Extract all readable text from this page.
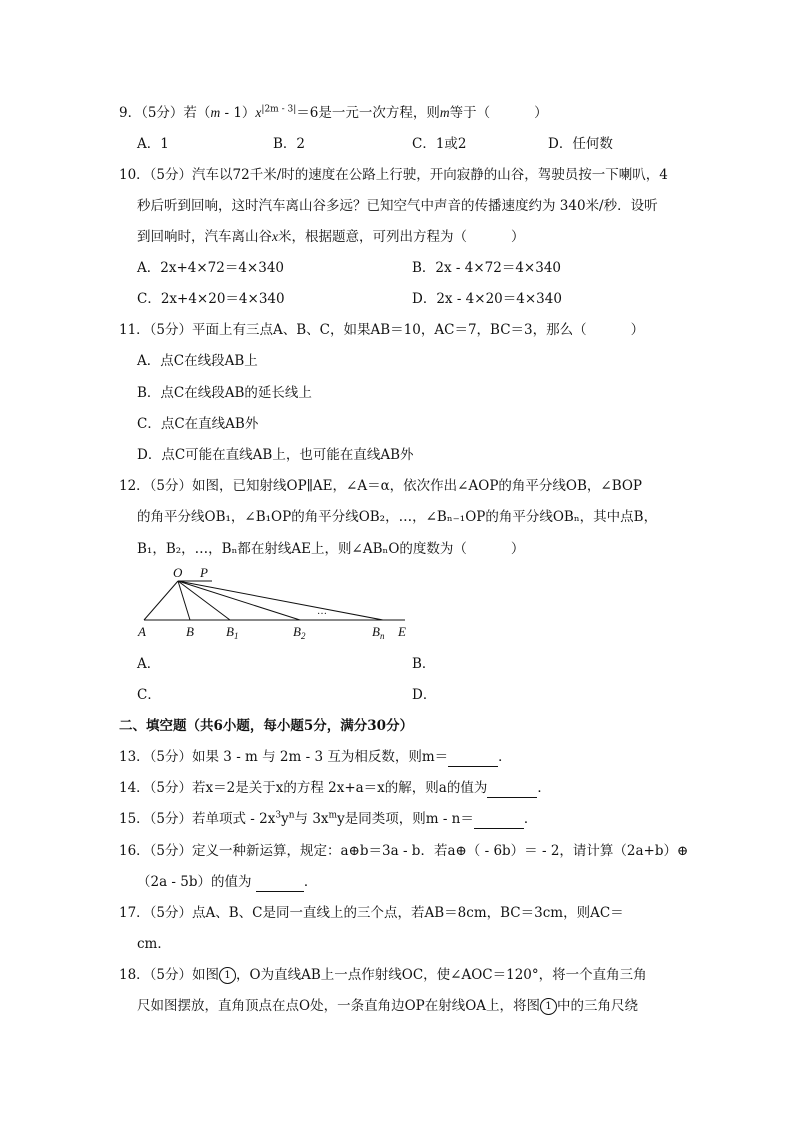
9．（5分）若$(m - 1)x^{|2m - 3|}=6$是一元一次方程，则m等于（	）
A．1	B．2	C．1或2	D．任何数
10．（5分）汽车以72千米/时的速度在公路上行驶，开向寂静的山谷，驾驶员按一下喇叭，4
秒后听到回响，这时汽车离山谷多远？已知空气中声音的传播速度约为 340米/秒．设听
到回响时，汽车离山谷x米，根据题意，可列出方程为（	）
A．2x+4×72＝4×340	B．2x - 4×72＝4×340
C．2x+4×20＝4×340	D．2x - 4×20＝4×340
11．（5分）平面上有三点A、B、C，如果AB＝10，AC＝7，BC＝3，那么（	）
A．点C在线段AB上
B．点C在线段AB的延长线上
C．点C在直线AB外
D．点C可能在直线AB上，也可能在直线AB外
12．（5分）如图，已知射线OP∥AE，∠A＝α，依次作出∠AOP的角平分线OB，∠BOP
的角平分线OB₁，∠B₁OP的角平分线OB₂，…，∠Bₙ₋₁OP的角平分线OBₙ，其中点B，
B₁，B₂，…，Bₙ都在射线AE上，则∠ABₙO的度数为（	）
O P
…
A	B $B_1$	$B_2$	$B_n$ E
A．	B．
C．	D．
二、填空题（共6小题，每小题5分，满分30分）
13．（5分）如果 3 - m 与 2m - 3 互为相反数，则m＝	．
14．（5分）若x＝2是关于x的方程 2x+a＝x的解，则a的值为	．
15．（5分）若单项式 - $2x^3y^n$与 $3x^my$是同类项，则m - n＝	．
16．（5分）定义一种新运算，规定：a⊕b＝3a - b．若a⊕（ - 6b）＝ - 2，请计算（2a+b）⊕
（2a - 5b）的值为	．
17．（5分）点A、B、C是同一直线上的三个点，若AB＝8cm，BC＝3cm，则AC＝
cm．
18．（5分）如图 1 ，O为直线AB上一点作射线OC，使∠AOC＝120°，将一个直角三角
尺如图摆放，直角顶点在点O处，一条直角边OP在射线OA上，将图 1 中的三角尺绕
